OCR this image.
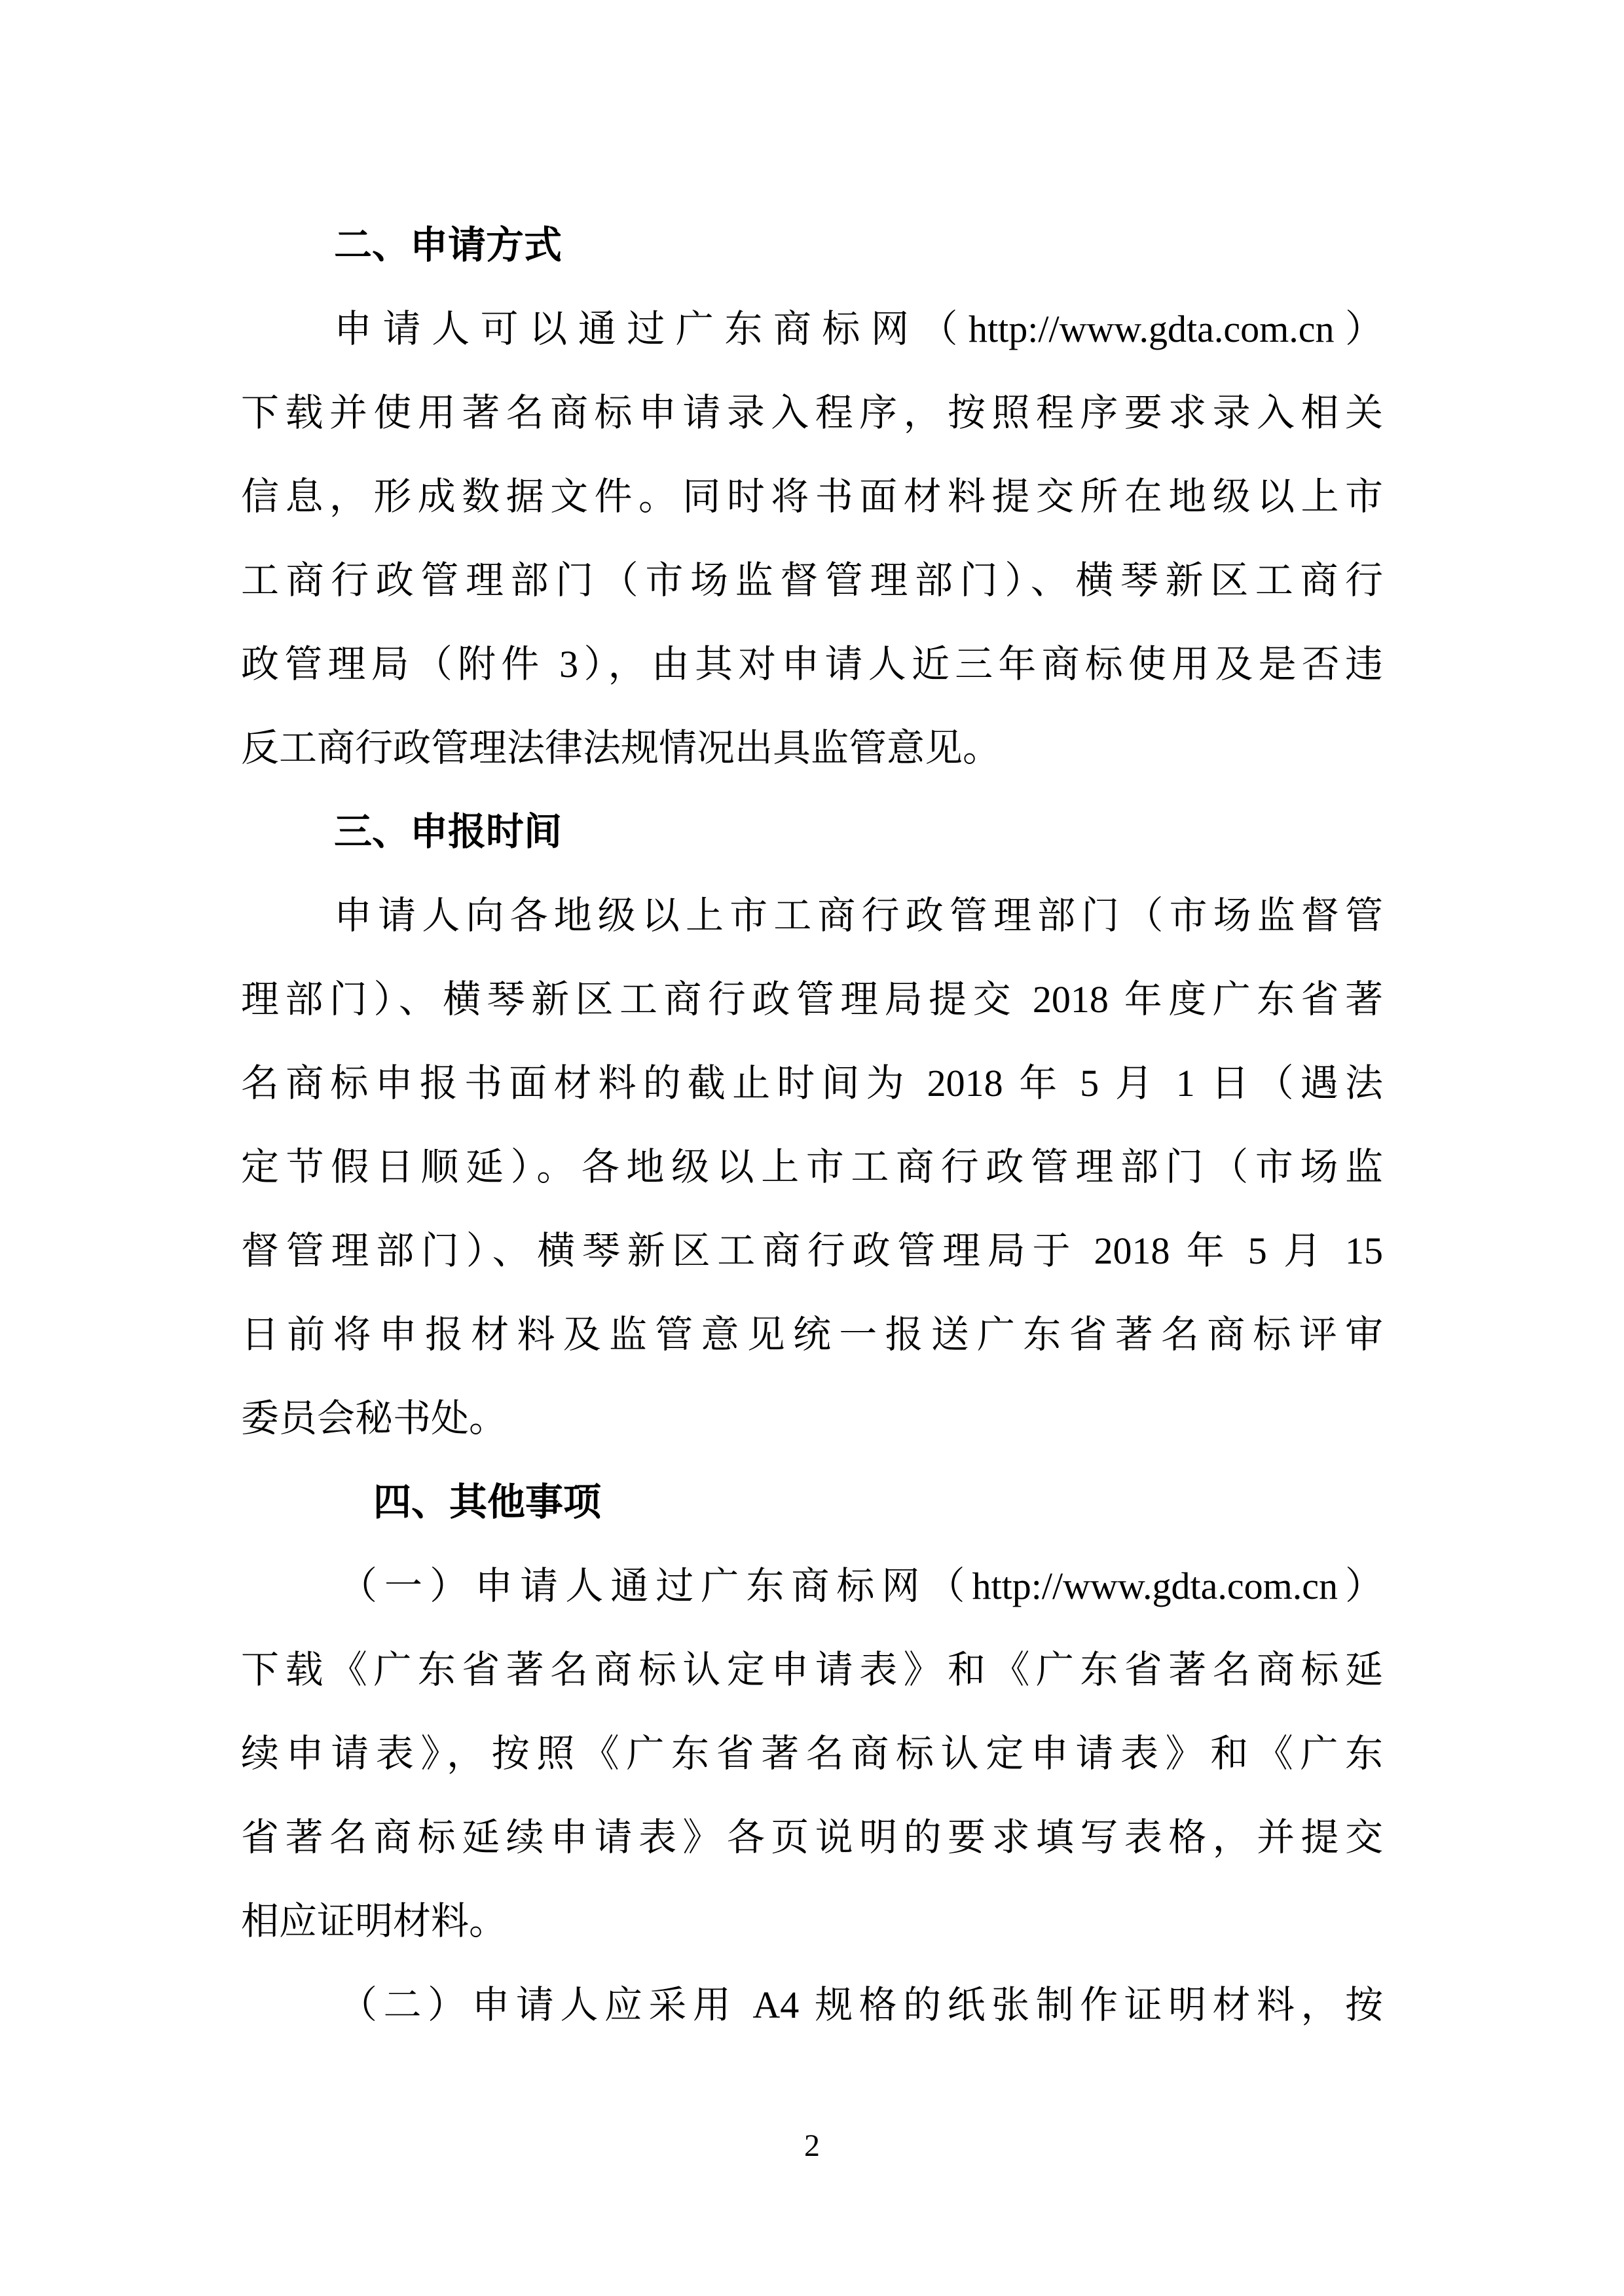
二、申请方式
申请人可以通过广东商标网（http://www.gdta.com.cn）
下载并使用著名商标申请录入程序，按照程序要求录入相关
信息，形成数据文件。同时将书面材料提交所在地级以上市
工商行政管理部门（市场监督管理部门）、横琴新区工商行
政管理局（附件 3），由其对申请人近三年商标使用及是否违
反工商行政管理法律法规情况出具监管意见。
三、申报时间
申请人向各地级以上市工商行政管理部门（市场监督管
理部门）、横琴新区工商行政管理局提交 2018 年度广东省著
名商标申报书面材料的截止时间为 2018 年 5 月 1 日（遇法
定节假日顺延）。各地级以上市工商行政管理部门（市场监
督管理部门）、横琴新区工商行政管理局于 2018 年 5 月 15
日前将申报材料及监管意见统一报送广东省著名商标评审
委员会秘书处。
四、其他事项
（一）申请人通过广东商标网（http://www.gdta.com.cn）
下载《广东省著名商标认定申请表》和《广东省著名商标延
续申请表》，按照《广东省著名商标认定申请表》和《广东
省著名商标延续申请表》各页说明的要求填写表格，并提交
相应证明材料。
（二）申请人应采用 A4 规格的纸张制作证明材料，按
2
